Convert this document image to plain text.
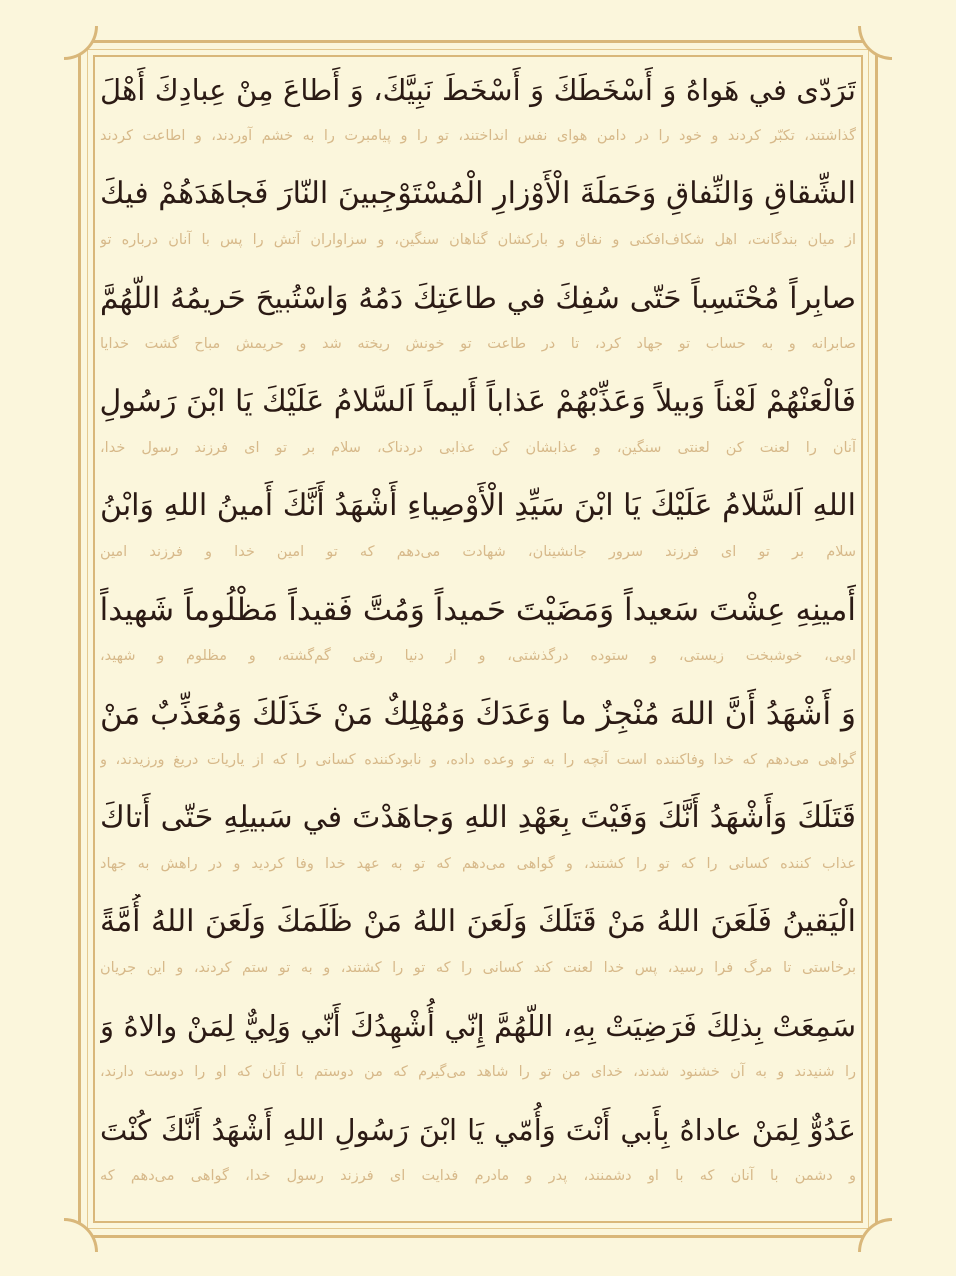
تَرَدّى في هَواهُ وَ أَسْخَطَكَ وَ أَسْخَطَ نَبِيَّكَ، وَ أَطاعَ مِنْ عِبادِكَ أَهْلَ
گذاشتند، تکبّر کردند و خود را در دامن هوای نفس انداختند، تو را و پیامبرت را به خشم آوردند، و اطاعت کردند
الشِّقاقِ وَالنِّفاقِ وَحَمَلَةَ الْأَوْزارِ الْمُسْتَوْجِبينَ النّارَ فَجاهَدَهُمْ فيكَ
از میان بندگانت، اهل شکاف‌افکنی و نفاق و بارکشان گناهان سنگین، و سزاواران آتش را پس با آنان درباره تو
صابِراً مُحْتَسِباً حَتّى سُفِكَ في طاعَتِكَ دَمُهُ وَاسْتُبيحَ حَريمُهُ اللّهُمَّ
صابرانه و به حساب تو جهاد کرد، تا در طاعت تو خونش ریخته شد و حریمش مباح گشت خدایا
فَالْعَنْهُمْ لَعْناً وَبيلاً وَعَذِّبْهُمْ عَذاباً أَليماً اَلسَّلامُ عَلَيْكَ يَا ابْنَ رَسُولِ
آنان را لعنت کن لعنتی سنگین، و عذابشان کن عذابی دردناک، سلام بر تو ای فرزند رسول خدا،
اللهِ اَلسَّلامُ عَلَيْكَ يَا ابْنَ سَيِّدِ الْأَوْصِياءِ أَشْهَدُ أَنَّكَ أَمينُ اللهِ وَابْنُ
سلام بر تو ای فرزند سرور جانشینان، شهادت می‌دهم که تو امین خدا و فرزند امین
أَمينِهِ عِشْتَ سَعيداً وَمَضَيْتَ حَميداً وَمُتَّ فَقيداً مَظْلُوماً شَهيداً
اویی، خوشبخت زیستی، و ستوده درگذشتی، و از دنیا رفتی گم‌گشته، و مظلوم و شهید،
وَ أَشْهَدُ أَنَّ اللهَ مُنْجِزٌ ما وَعَدَكَ وَمُهْلِكٌ مَنْ خَذَلَكَ وَمُعَذِّبٌ مَنْ
گواهی می‌دهم که خدا وفاکننده است آنچه را به تو وعده داده، و نابودکننده کسانی را که از یاریات دریغ ورزیدند، و
قَتَلَكَ وَأَشْهَدُ أَنَّكَ وَفَيْتَ بِعَهْدِ اللهِ وَجاهَدْتَ في سَبيلِهِ حَتّى أَتاكَ
عذاب کننده کسانی را که تو را کشتند، و گواهی می‌دهم که تو به عهد خدا وفا کردید و در راهش به جهاد
الْيَقينُ فَلَعَنَ اللهُ مَنْ قَتَلَكَ وَلَعَنَ اللهُ مَنْ ظَلَمَكَ وَلَعَنَ اللهُ أُمَّةً
برخاستی تا مرگ فرا رسید، پس خدا لعنت کند کسانی را که تو را کشتند، و به تو ستم کردند، و این جریان
سَمِعَتْ بِذلِكَ فَرَضِيَتْ بِهِ، اللّهُمَّ إِنّي أُشْهِدُكَ أَنّي وَلِيٌّ لِمَنْ والاهُ وَ
را شنیدند و به آن خشنود شدند، خدای من تو را شاهد می‌گیرم که من دوستم با آنان که او را دوست دارند،
عَدُوٌّ لِمَنْ عاداهُ بِأَبي أَنْتَ وَأُمّي يَا ابْنَ رَسُولِ اللهِ أَشْهَدُ أَنَّكَ كُنْتَ
و دشمن با آنان که با او دشمنند، پدر و مادرم فدایت ای فرزند رسول خدا، گواهی می‌دهم که
